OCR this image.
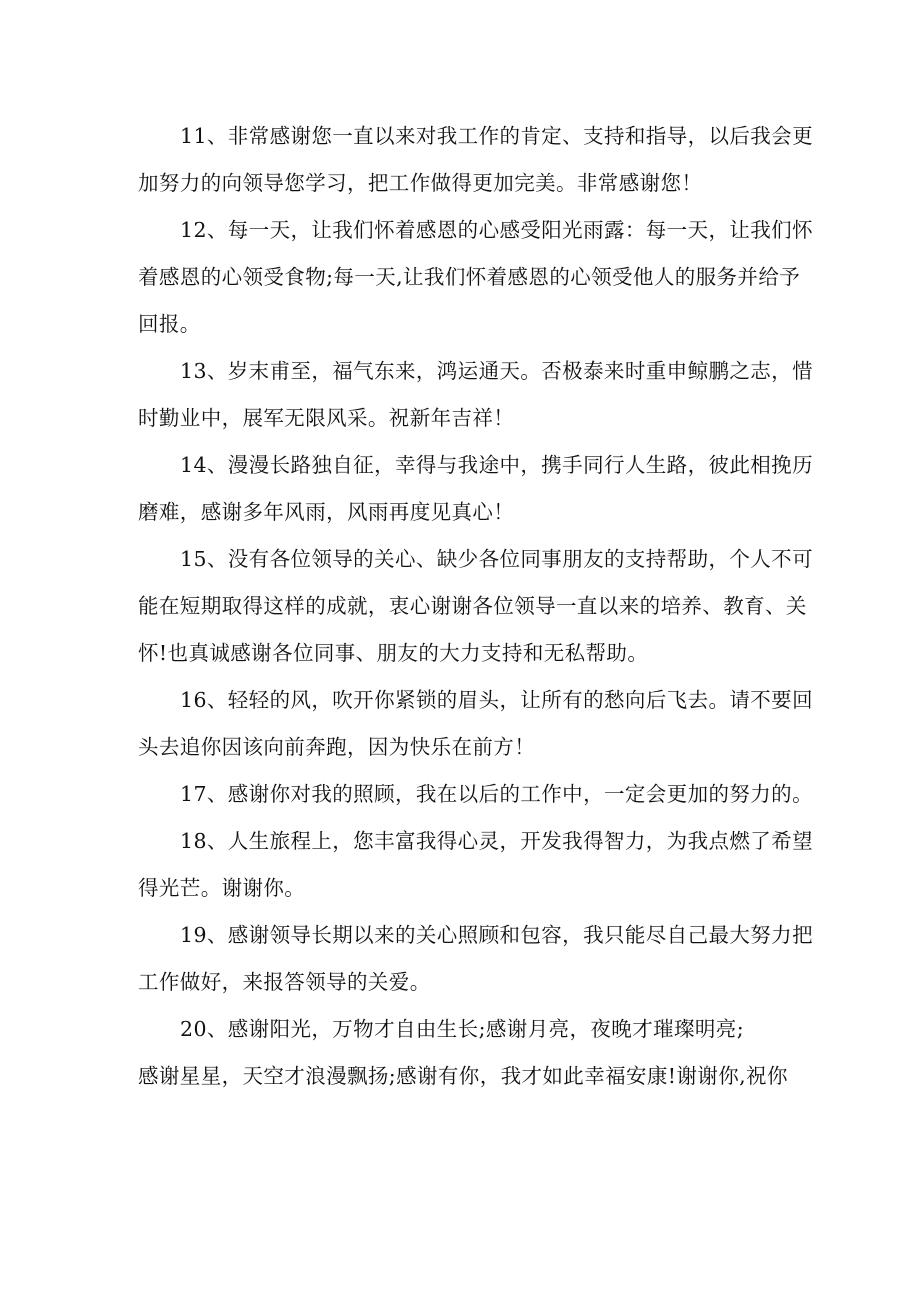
11、非常感谢您一直以来对我工作的肯定、支持和指导，以后我会更
加努力的向领导您学习，把工作做得更加完美。非常感谢您！
12、每一天，让我们怀着感恩的心感受阳光雨露：每一天，让我们怀
着感恩的心领受食物;每一天,让我们怀着感恩的心领受他人的服务并给予
回报。
13、岁末甫至，福气东来，鸿运通天。否极泰来时重申鲸鹏之志，惜
时勤业中，展军无限风采。祝新年吉祥！
14、漫漫长路独自征，幸得与我途中，携手同行人生路，彼此相挽历
磨难，感谢多年风雨，风雨再度见真心！
15、没有各位领导的关心、缺少各位同事朋友的支持帮助，个人不可
能在短期取得这样的成就，衷心谢谢各位领导一直以来的培养、教育、关
怀!也真诚感谢各位同事、朋友的大力支持和无私帮助。
16、轻轻的风，吹开你紧锁的眉头，让所有的愁向后飞去。请不要回
头去追你因该向前奔跑，因为快乐在前方！
17、感谢你对我的照顾，我在以后的工作中，一定会更加的努力的。
18、人生旅程上，您丰富我得心灵，开发我得智力，为我点燃了希望
得光芒。谢谢你。
19、感谢领导长期以来的关心照顾和包容，我只能尽自己最大努力把
工作做好，来报答领导的关爱。
20、感谢阳光，万物才自由生长;感谢月亮，夜晚才璀璨明亮;
感谢星星，天空才浪漫飘扬;感谢有你，我才如此幸福安康!谢谢你,祝你
